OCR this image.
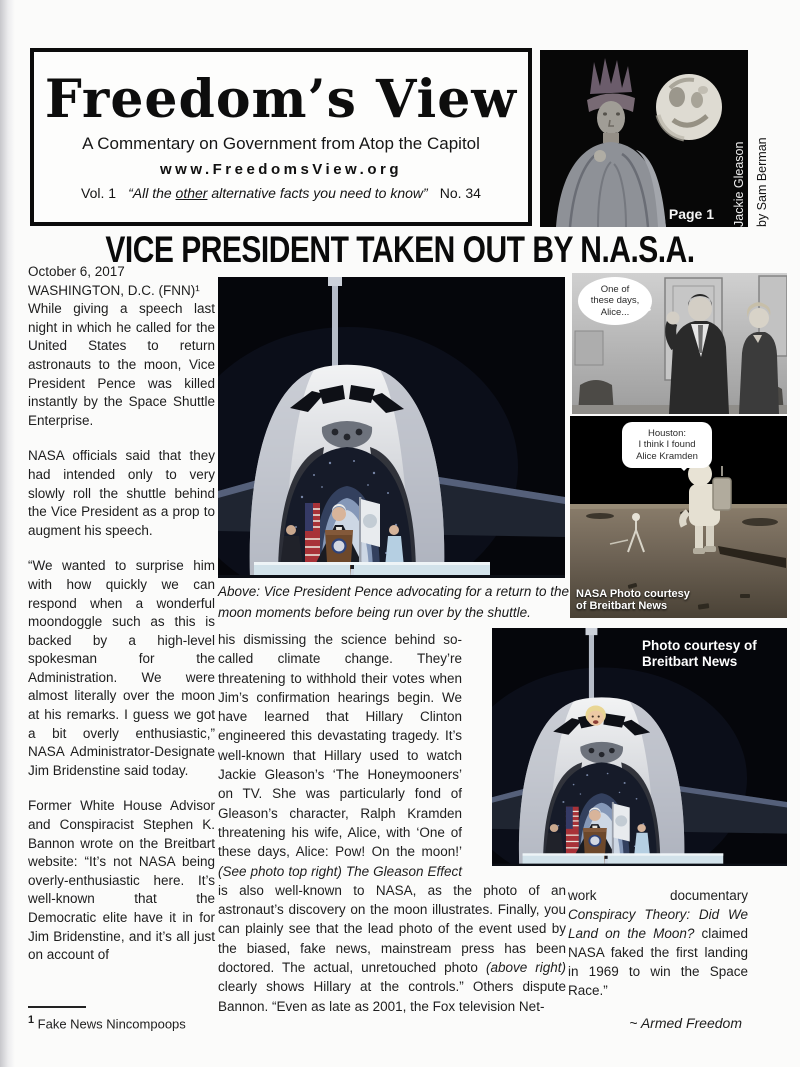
Freedom’s View
A Commentary on Government from Atop the Capitol
www.FreedomsView.org
Vol. 1 “All the other alternative facts you need to know” No. 34
Page 1 Jackie Gleason by Sam Berman
VICE PRESIDENT TAKEN OUT BY N.A.S.A.
October 6, 2017
WASHINGTON, D.C. (FNN)¹
While giving a speech last night in which he called for the United States to return astronauts to the moon, Vice President Pence was killed instantly by the Space Shuttle Enterprise.
NASA officials said that they had intended only to very slowly roll the shuttle behind the Vice President as a prop to augment his speech.
“We wanted to surprise him with how quickly we can respond when a wonderful moondoggle such as this is backed by a high-level spokesman for the Administration. We were almost literally over the moon at his remarks. I guess we got a bit overly enthusiastic,” NASA Administrator-Designate Jim Bridenstine said today.
Former White House Advisor and Conspiracist Stephen K. Bannon wrote on the Breitbart website: “It’s not NASA being overly-enthusiastic here. It’s well-known that the Democratic elite have it in for Jim Bridenstine, and it’s all just on account of
Above: Vice President Pence advocating for a return to the moon moments before being run over by the shuttle.
his dismissing the science behind so-called climate change. They’re threatening to withhold their votes when Jim’s confirmation hearings begin. We have learned that Hillary Clinton engineered this devastating tragedy. It’s well-known that Hillary used to watch Jackie Gleason’s ‘The Honeymooners’ on TV. She was particularly fond of Gleason’s character, Ralph Kramden threatening his wife, Alice, with ‘One of these days, Alice: Pow! On the moon!’ (See photo top right) The Gleason Effect is also well-known to NASA, as the photo of an astronaut’s discovery on the moon illustrates. Finally, you can plainly see that the lead photo of the event used by the biased, fake news, mainstream press has been doctored. The actual, unretouched photo (above right) clearly shows Hillary at the controls.” Others dispute Bannon. “Even as late as 2001, the Fox television Net-
One of
these days,
Alice...
Houston:
I think I found
Alice Kramden
NASA Photo courtesy
of Breitbart News
Photo courtesy of
Breitbart News
work documentary Conspiracy Theory: Did We Land on the Moon? claimed NASA faked the first landing in 1969 to win the Space Race.”
~ Armed Freedom
$^1$ Fake News Nincompoops
